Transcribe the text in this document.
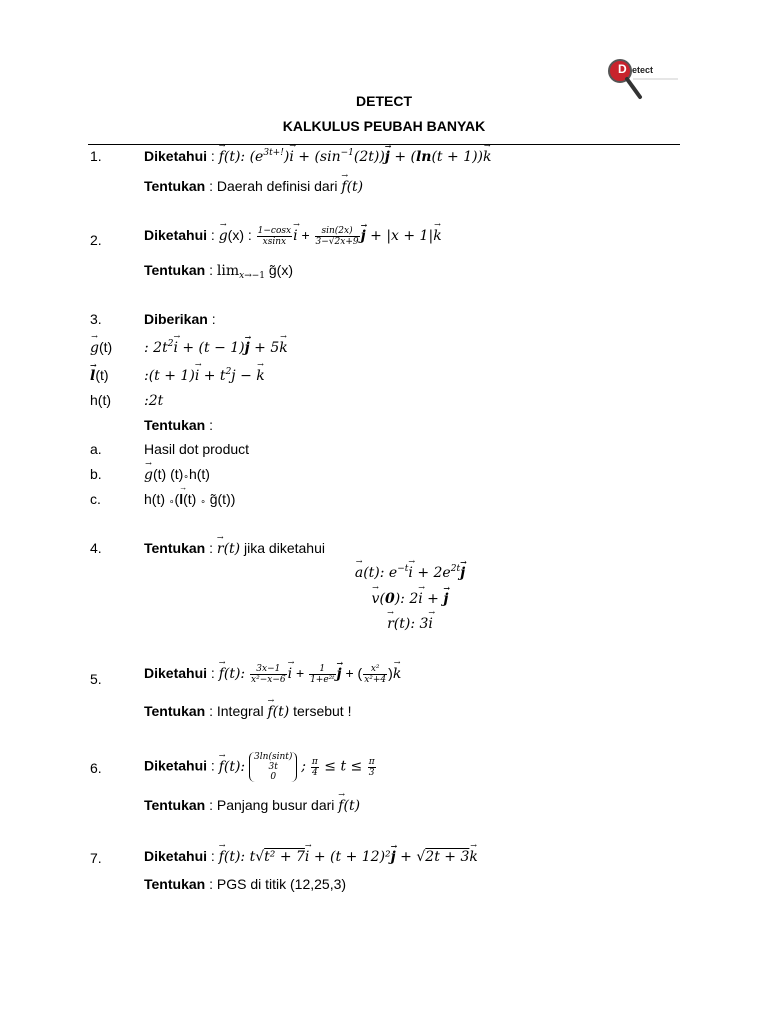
D etect
DETECT
KALKULUS PEUBAH BANYAK
1.	Diketahui : → f(t): $(e^{3t+!})\to i + (\sin^{-1}(2t))\to j + (\ln(t + 1))\to k$
Tentukan : Daerah definisi dari → f(t)
2.	Diketahui : → g(x) : $\frac{1-\cos x}{xsinx} \to i + \frac{\sin(2x)}{3-√2x+9} \to j + |x + 1|\to k$
Tentukan : $\lim_{x\to-1}$ g̃(x)
3.	Diberikan :
→ g(t) : $2t^2\to i + (t - 1)\to j + 5\to k$
→ l(t)	:(t + $1)\to i + t^2j$ − → k
h(t) :2t
Tentukan :
a.	Hasil dot product
b.	→ g(t) (t)∘h(t)
c.	h(t) ∘(→ l(t) ∘ g̃(t))
4.	Tentukan : → r(t) jika diketahui
→ a(t): $e^{-t}\to i + 2e^{2t}\to j$
→ v(0): 2→ i + → j
→ r(t): 3→ i
5.	Diketahui : → f(t): $\frac{3x-1}{\text{x²−x−6}} \to i + \frac{1}{\text{1+e²ᵗ}} \to j$ + ( $\frac{\text{x²}}{\text{x²+4}}$ )→ k
Tentukan : Integral → f(t) tersebut !
6.	Diketahui : → f(t):
3ln(sint)
3t
0
; $\frac{\pi}{4} \le t \le \frac{\pi}{3}$
Tentukan : Panjang busur dari → f(t)
7.	Diketahui : → f(t): t√t² + 7→ i + (t + 12)²→ j + √2t + 3→ k
Tentukan : PGS di titik (12,25,3)
